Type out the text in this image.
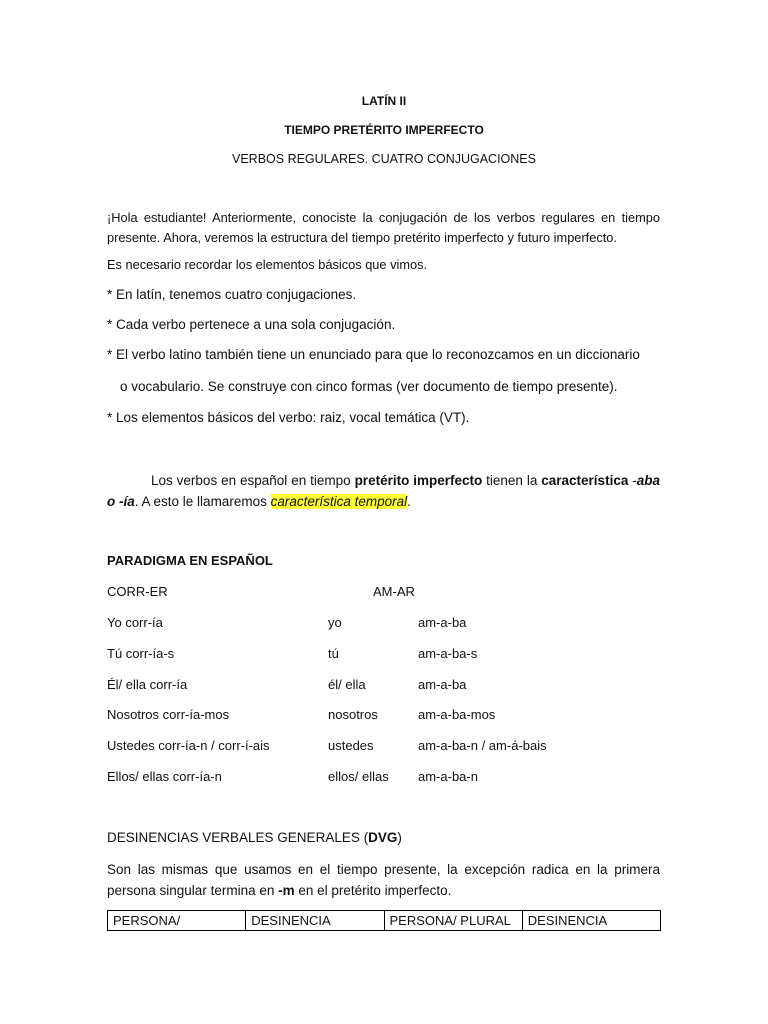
LATÍN II
TIEMPO PRETÉRITO IMPERFECTO
VERBOS REGULARES. CUATRO CONJUGACIONES
¡Hola estudiante! Anteriormente, conociste la conjugación de los verbos regulares en tiempo presente. Ahora, veremos la estructura del tiempo pretérito imperfecto y futuro imperfecto.
Es necesario recordar los elementos básicos que vimos.
* En latín, tenemos cuatro conjugaciones.
* Cada verbo pertenece a una sola conjugación.
* El verbo latino también tiene un enunciado para que lo reconozcamos en un diccionario
o vocabulario. Se construye con cinco formas (ver documento de tiempo presente).
* Los elementos básicos del verbo: raiz, vocal temática (VT).
Los verbos en español en tiempo pretérito imperfecto tienen la característica -aba o -ía. A esto le llamaremos característica temporal.
PARADIGMA EN ESPAÑOL
CORR-ER	AM-AR
Yo corr-ía	yo	am-a-ba
Tú corr-ía-s	tú	am-a-ba-s
Él/ ella corr-ía	él/ ella	am-a-ba
Nosotros corr-ía-mos	nosotros	am-a-ba-mos
Ustedes corr-ía-n / corr-í-ais	ustedes	am-a-ba-n / am-á-bais
Ellos/ ellas corr-ía-n	ellos/ ellas am-a-ba-n
DESINENCIAS VERBALES GENERALES (DVG)
Son las mismas que usamos en el tiempo presente, la excepción radica en la primera persona singular termina en -m en el pretérito imperfecto.
PERSONA/	DESINENCIA	PERSONA/ PLURAL	DESINENCIA
